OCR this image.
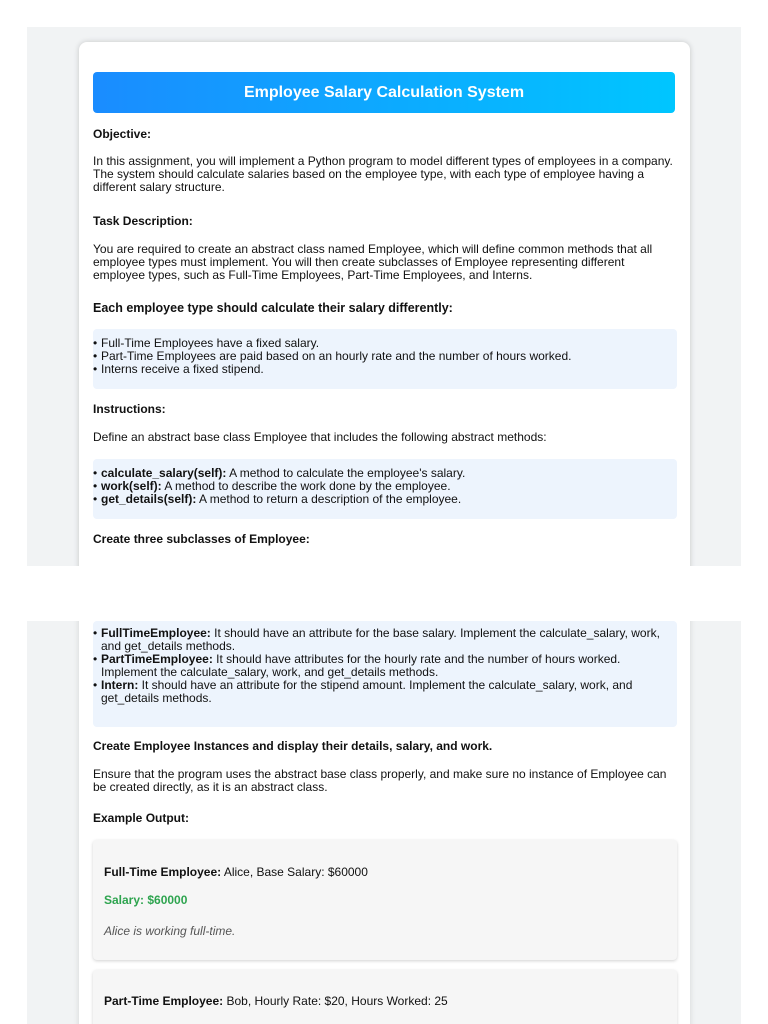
Employee Salary Calculation System
Objective:
In this assignment, you will implement a Python program to model different types of employees in a company. The system should calculate salaries based on the employee type, with each type of employee having a different salary structure.
Task Description:
You are required to create an abstract class named Employee, which will define common methods that all employee types must implement. You will then create subclasses of Employee representing different employee types, such as Full-Time Employees, Part-Time Employees, and Interns.
Each employee type should calculate their salary differently:
• Full-Time Employees have a fixed salary.
• Part-Time Employees are paid based on an hourly rate and the number of hours worked.
• Interns receive a fixed stipend.
Instructions:
Define an abstract base class Employee that includes the following abstract methods:
• calculate_salary(self): A method to calculate the employee's salary.
• work(self): A method to describe the work done by the employee.
• get_details(self): A method to return a description of the employee.
Create three subclasses of Employee:
• FullTimeEmployee: It should have an attribute for the base salary. Implement the calculate_salary, work, and get_details methods.
• PartTimeEmployee: It should have attributes for the hourly rate and the number of hours worked. Implement the calculate_salary, work, and get_details methods.
• Intern: It should have an attribute for the stipend amount. Implement the calculate_salary, work, and get_details methods.
Create Employee Instances and display their details, salary, and work.
Ensure that the program uses the abstract base class properly, and make sure no instance of Employee can be created directly, as it is an abstract class.
Example Output:
Full-Time Employee: Alice, Base Salary: $60000
Salary: $60000
Alice is working full-time.
Part-Time Employee: Bob, Hourly Rate: $20, Hours Worked: 25
